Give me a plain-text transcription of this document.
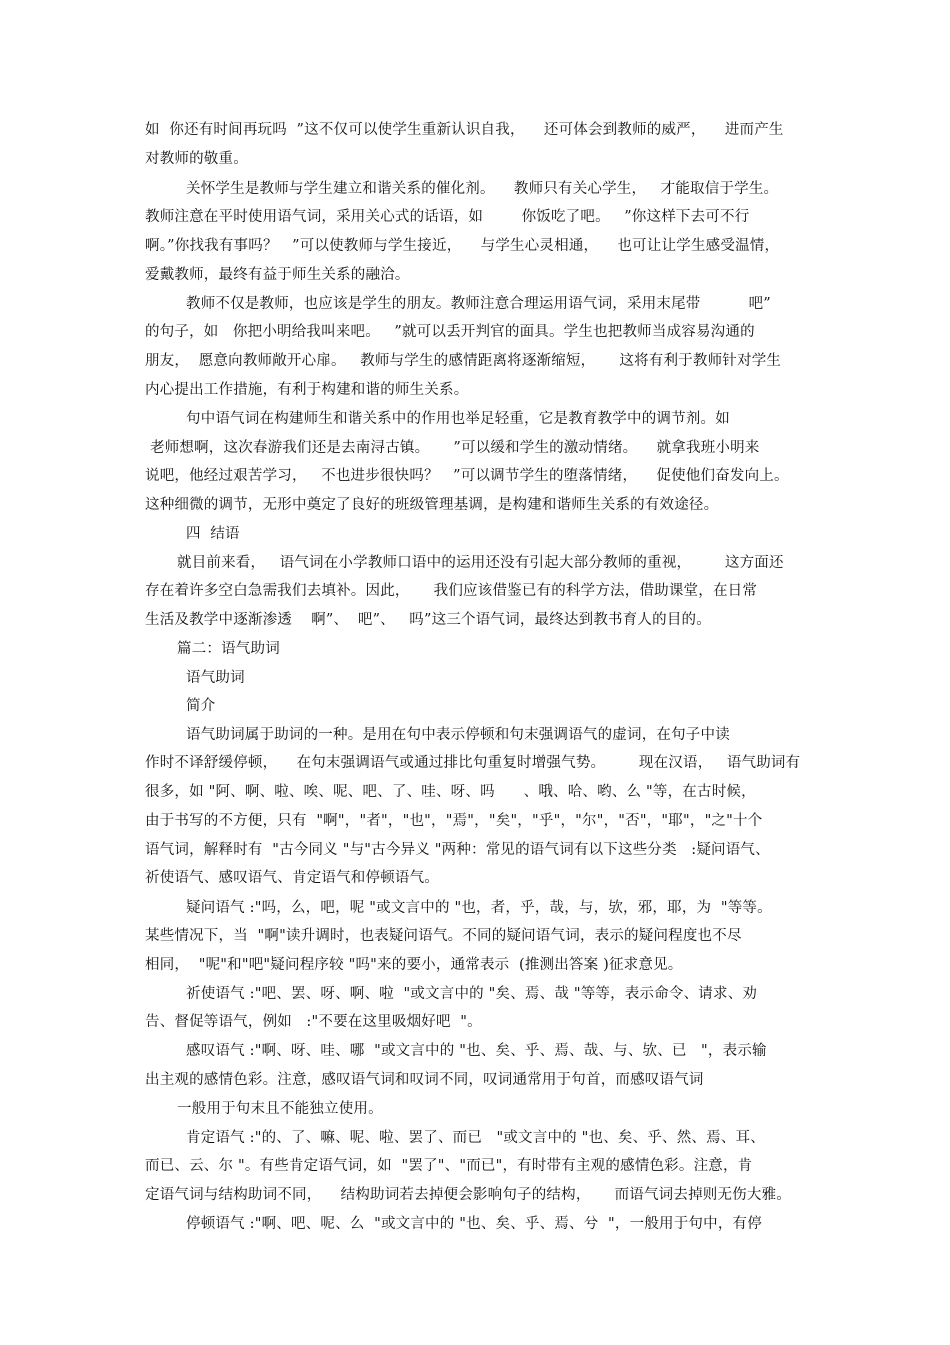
如  你还有时间再玩吗  ”这不仅可以使学生重新认识自我，    还可体会到教师的威严，    进而产生
对教师的敬重。
关怀学生是教师与学生建立和谐关系的催化剂。    教师只有关心学生，   才能取信于学生。
教师注意在平时使用语气词，采用关心式的话语，如        你饭吃了吧。   ”你这样下去可不行
啊。”你找我有事吗？   ”可以使教师与学生接近，    与学生心灵相通，    也可让让学生感受温情，
爱戴教师，最终有益于师生关系的融洽。
教师不仅是教师，也应该是学生的朋友。教师注意合理运用语气词，采用末尾带          吧”
的句子，如   你把小明给我叫来吧。   ”就可以丢开判官的面具。学生也把教师当成容易沟通的
朋友，  愿意向教师敞开心扉。   教师与学生的感情距离将逐渐缩短，     这将有利于教师针对学生
内心提出工作措施，有利于构建和谐的师生关系。
句中语气词在构建师生和谐关系中的作用也举足轻重，它是教育教学中的调节剂。如
老师想啊，这次春游我们还是去南浔古镇。     ”可以缓和学生的激动情绪。    就拿我班小明来
说吧，他经过艰苦学习，   不也进步很快吗？   ”可以调节学生的堕落情绪，    促使他们奋发向上。
这种细微的调节，无形中奠定了良好的班级管理基调，是构建和谐师生关系的有效途径。
四  结语
就目前来看，   语气词在小学教师口语中的运用还没有引起大部分教师的重视，       这方面还
存在着许多空白急需我们去填补。因此，     我们应该借鉴已有的科学方法，借助课堂，在日常
生活及教学中逐渐渗透    啊”、  吧”、   吗”这三个语气词，最终达到教书育人的目的。
篇二：语气助词
语气助词
简介
语气助词属于助词的一种。是用在句中表示停顿和句末强调语气的虚词，在句子中读
作时不译舒缓停顿，    在句末强调语气或通过排比句重复时增强气势。       现在汉语，   语气助词有
很多，如 "阿、啊、啦、唉、呢、吧、了、哇、呀、吗      、哦、哈、哟、么 "等，在古时候，
由于书写的不方便，只有  "啊"，"者"，"也"，"焉"，"矣"，"乎"，"尔"，"否"，"耶"，"之"十个
语气词，解释时有  "古今同义 "与"古今异义 "两种：常见的语气词有以下这些分类   :疑问语气、
祈使语气、感叹语气、肯定语气和停顿语气。
疑问语气 :"吗，么，吧，呢 "或文言中的 "也，者，乎，哉，与，欤，邪，耶，为  "等等。
某些情况下，当  "啊"读升调时，也表疑问语气。不同的疑问语气词，表示的疑问程度也不尽
相同，  "呢"和"吧"疑问程序较 "吗"来的要小，通常表示  (推测出答案 )征求意见。
祈使语气 :"吧、罢、呀、啊、啦  "或文言中的 "矣、焉、哉 "等等，表示命令、请求、劝
告、督促等语气，例如   :"不要在这里吸烟好吧  "。
感叹语气 :"啊、呀、哇、哪  "或文言中的 "也、矣、乎、焉、哉、与、欤、已   "，表示输
出主观的感情色彩。注意，感叹语气词和叹词不同，叹词通常用于句首，而感叹语气词
一般用于句末且不能独立使用。
肯定语气 :"的、了、嘛、呢、啦、罢了、而已   "或文言中的 "也、矣、乎、然、焉、耳、
而已、云、尔 "。有些肯定语气词，如  "罢了"、"而已"，有时带有主观的感情色彩。注意，肯
定语气词与结构助词不同，    结构助词若去掉便会影响句子的结构，     而语气词去掉则无伤大雅。
停顿语气 :"啊、吧、呢、么  "或文言中的 "也、矣、乎、焉、兮  "，一般用于句中，有停
